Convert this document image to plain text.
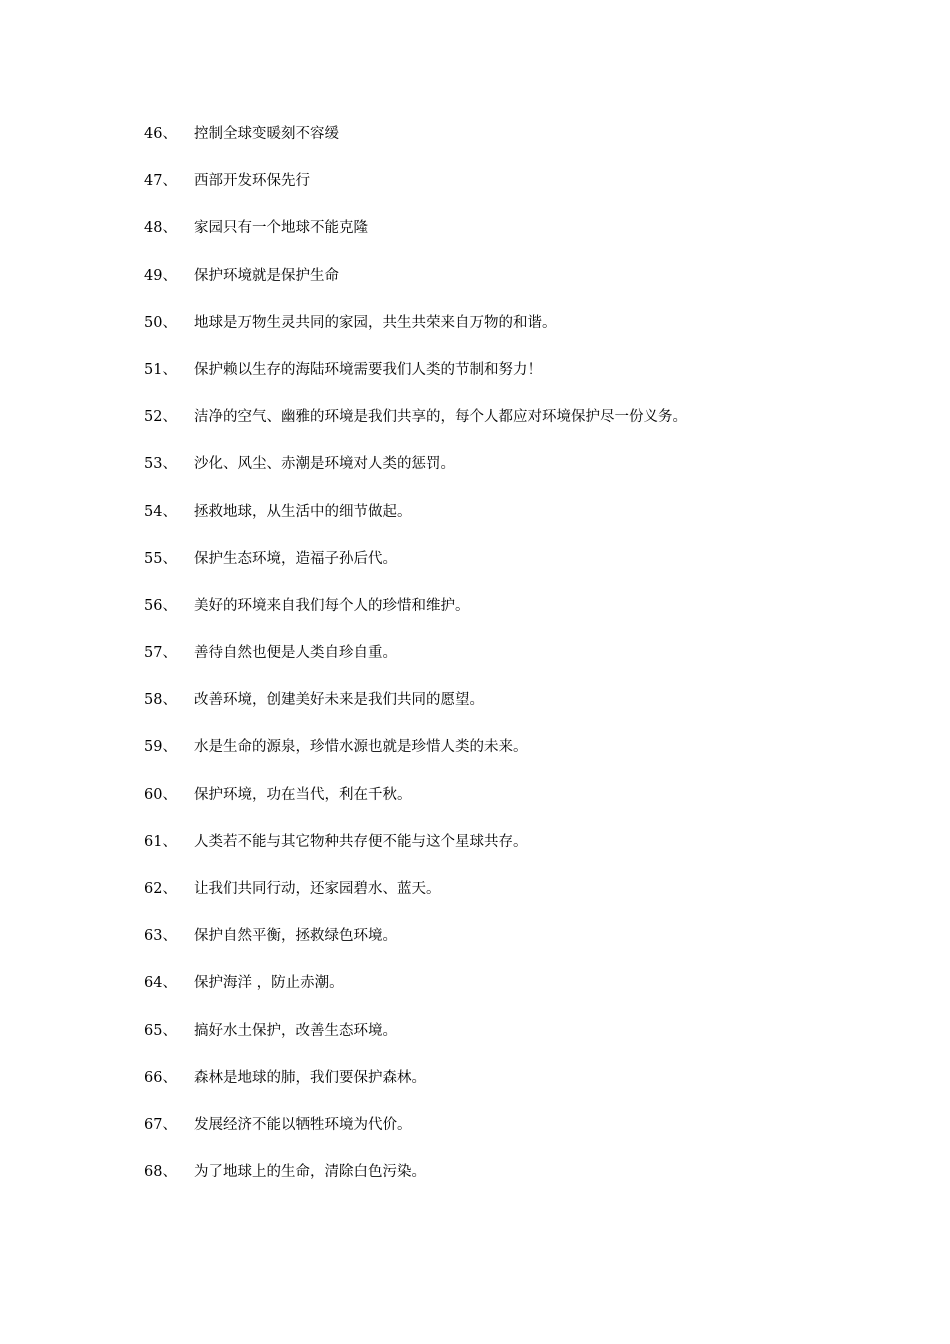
46、	控制全球变暖刻不容缓
47、	西部开发环保先行
48、	家园只有一个地球不能克隆
49、	保护环境就是保护生命
50、	地球是万物生灵共同的家园，共生共荣来自万物的和谐。
51、	保护赖以生存的海陆环境需要我们人类的节制和努力！
52、	洁净的空气、幽雅的环境是我们共享的，每个人都应对环境保护尽一份义务。
53、	沙化、风尘、赤潮是环境对人类的惩罚。
54、	拯救地球，从生活中的细节做起。
55、	保护生态环境，造福子孙后代。
56、	美好的环境来自我们每个人的珍惜和维护。
57、	善待自然也便是人类自珍自重。
58、	改善环境，创建美好未来是我们共同的愿望。
59、	水是生命的源泉，珍惜水源也就是珍惜人类的未来。
60、	保护环境，功在当代，利在千秋。
61、	人类若不能与其它物种共存便不能与这个星球共存。
62、	让我们共同行动，还家园碧水、蓝天。
63、	保护自然平衡，拯救绿色环境。
64、	保护海洋 ，防止赤潮。
65、	搞好水土保护，改善生态环境。
66、	森林是地球的肺，我们要保护森林。
67、	发展经济不能以牺牲环境为代价。
68、	为了地球上的生命，清除白色污染。
